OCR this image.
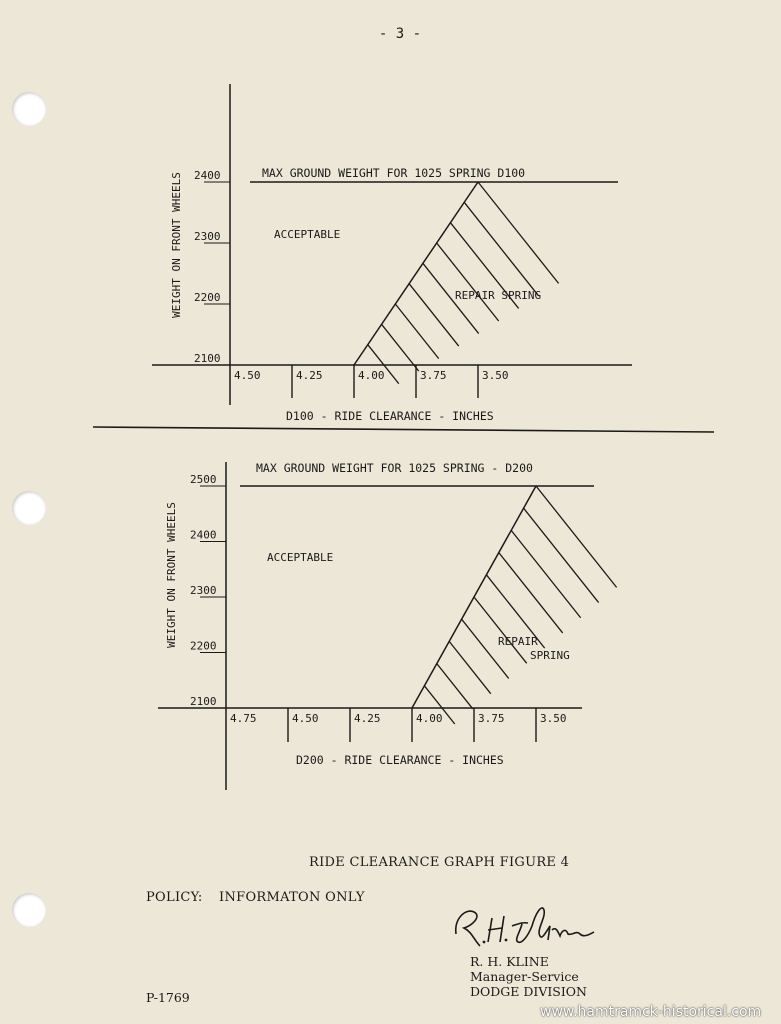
- 3 -
2100
2200
2300
2400
4.50	4.25	4.00	3.75	3.50
MAX GROUND WEIGHT FOR 1025 SPRING D100
WEIGHT ON FRONT WHEELS
D100 - RIDE CLEARANCE - INCHES
ACCEPTABLE
REPAIR SPRING
2100
2200
2300
2400
2500
4.75	4.50	4.25	4.00	3.75	3.50
MAX GROUND WEIGHT FOR 1025 SPRING - D200
WEIGHT ON FRONT WHEELS
D200 - RIDE CLEARANCE - INCHES
ACCEPTABLE
REPAIR
SPRING
RIDE CLEARANCE GRAPH FIGURE 4
POLICY: INFORMATON ONLY
R. H. KLINE
Manager-Service
DODGE DIVISION
P-1769
www.hamtramck-historical.com
